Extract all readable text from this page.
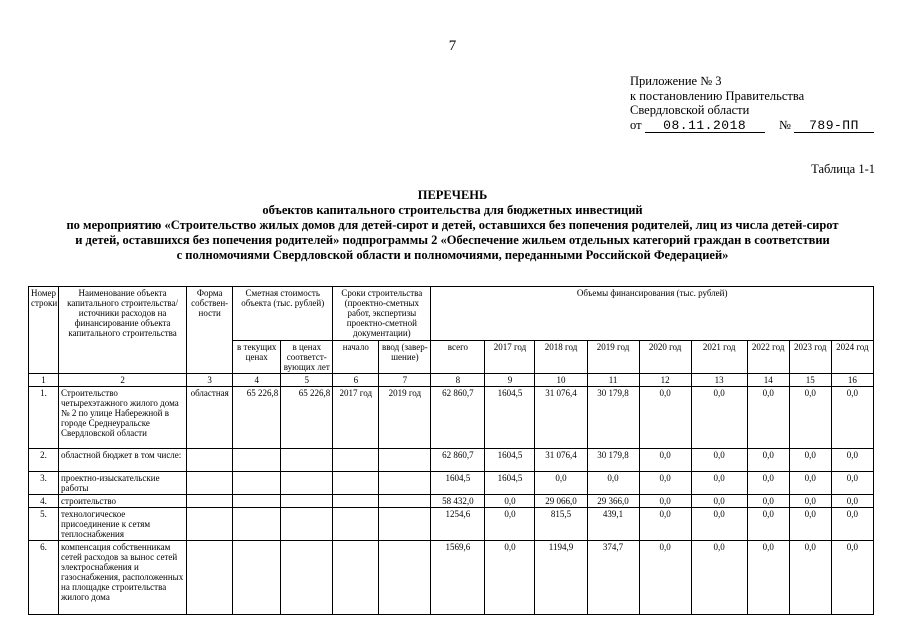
7
Приложение № 3
к постановлению Правительства
Свердловской области
от 08.11.2018	№ 789-ПП
Таблица 1-1
ПЕРЕЧЕНЬ
объектов капитального строительства для бюджетных инвестиций
по мероприятию «Строительство жилых домов для детей-сирот и детей, оставшихся без попечения родителей, лиц из числа детей-сирот
и детей, оставшихся без попечения родителей» подпрограммы 2 «Обеспечение жильем отдельных категорий граждан в соответствии
с полномочиями Свердловской области и полномочиями, переданными Российской Федерацией»
Номер строки	Наименование объекта капитального строительства/ источники расходов на финансирование объекта капитального строительства	Форма собствен-ности	Сметная стоимость объекта (тыс. рублей)		Сроки строительства (проектно-сметных работ, экспертизы проектно-сметной документации)		Объемы финансирования (тыс. рублей)								
			в текущих ценах	в ценах соответст-вующих лет	начало	ввод (завер-шение)	всего	2017 год	2018 год	2019 год	2020 год	2021 год	2022 год	2023 год	2024 год
1	2	3	4	5	6	7	8	9	10	11	12	13	14	15	16
1.	Строительство четырехэтажного жилого дома № 2 по улице Набережной в городе Среднеуральске Свердловской области	областная	65 226,8	65 226,8	2017 год	2019 год	62 860,7	1604,5	31 076,4	30 179,8	0,0	0,0	0,0	0,0	0,0
2.	областной бюджет в том числе:						62 860,7	1604,5	31 076,4	30 179,8	0,0	0,0	0,0	0,0	0,0
3.	проектно-изыскательские работы						1604,5	1604,5	0,0	0,0	0,0	0,0	0,0	0,0	0,0
4.	строительство						58 432,0	0,0	29 066,0	29 366,0	0,0	0,0	0,0	0,0	0,0
5.	технологическое присоединение к сетям теплоснабжения						1254,6	0,0	815,5	439,1	0,0	0,0	0,0	0,0	0,0
6.	компенсация собственникам сетей расходов за вынос сетей электроснабжения и газоснабжения, расположенных на площадке строительства жилого дома						1569,6	0,0	1194,9	374,7	0,0	0,0	0,0	0,0	0,0
